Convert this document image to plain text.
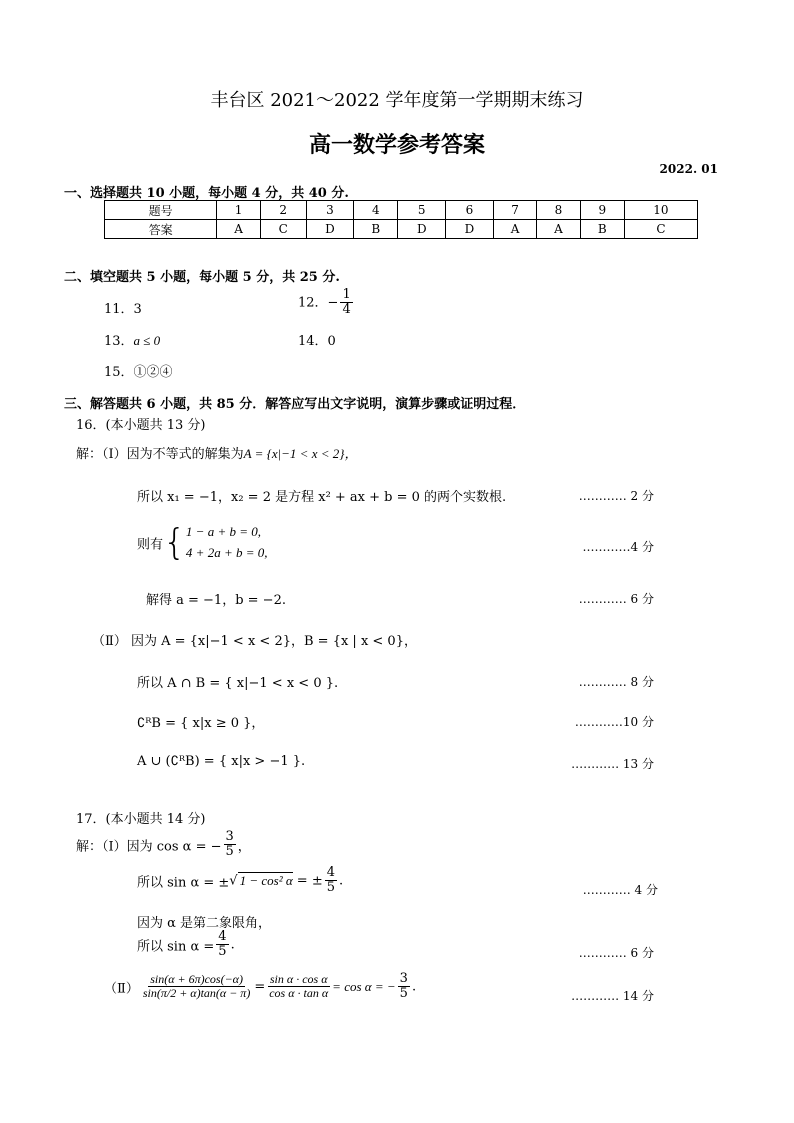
丰台区 2021～2022 学年度第一学期期末练习
高一数学参考答案
2022. 01
一、选择题共 10 小题，每小题 4 分，共 40 分.
题号	1	2	3	4	5	6	7	8	9	10
答案	A	C	D	B	D	D	A	A	B	C
二、填空题共 5 小题，每小题 5 分，共 25 分.
11．3	12．− $\frac{1}{4}$
13．a ≤ 0	14．0
15．①②④
三、解答题共 6 小题，共 85 分．解答应写出文字说明，演算步骤或证明过程．
16．(本小题共 13 分)
解：（Ⅰ）因为不等式的解集为A = {x|−1 < x < 2}，
所以 x₁ = −1，x₂ = 2 是方程 x² + ax + b = 0 的两个实数根.	………… 2 分
则有{1 − a + b = 0,
4 + 2a + b = 0,	…………4 分
解得 a = −1，b = −2.	………… 6 分
（Ⅱ） 因为 A = {x|−1 < x < 2}，B = {x | x < 0}，
所以 A ∩ B = { x|−1 < x < 0 }.	………… 8 分
∁ᴿB = { x|x ≥ 0 }，	…………10 分
A ∪ (∁ᴿB) = { x|x > −1 }.	………… 13 分
17．(本小题共 14 分)
解：（Ⅰ）因为 cos α = − $\frac{3}{5}$ ，
所以 sin α = ±√ 1 − cos² α = ± $\frac{4}{5}$ .
………… 4 分
因为 α 是第二象限角，
所以 $\sin \alpha = \frac{4}{5}$ .
………… 6 分
（Ⅱ） $\frac{\sin(\alpha + 6\pi)\cos(-\alpha)}{\sin(\pi/2 + \alpha)\tan(\alpha - \pi)} = \frac{\text{sin α · cos α}}{\text{cos α · tan α}} = \cos \alpha$ = − $\frac{3}{5}$ .
………… 14 分
